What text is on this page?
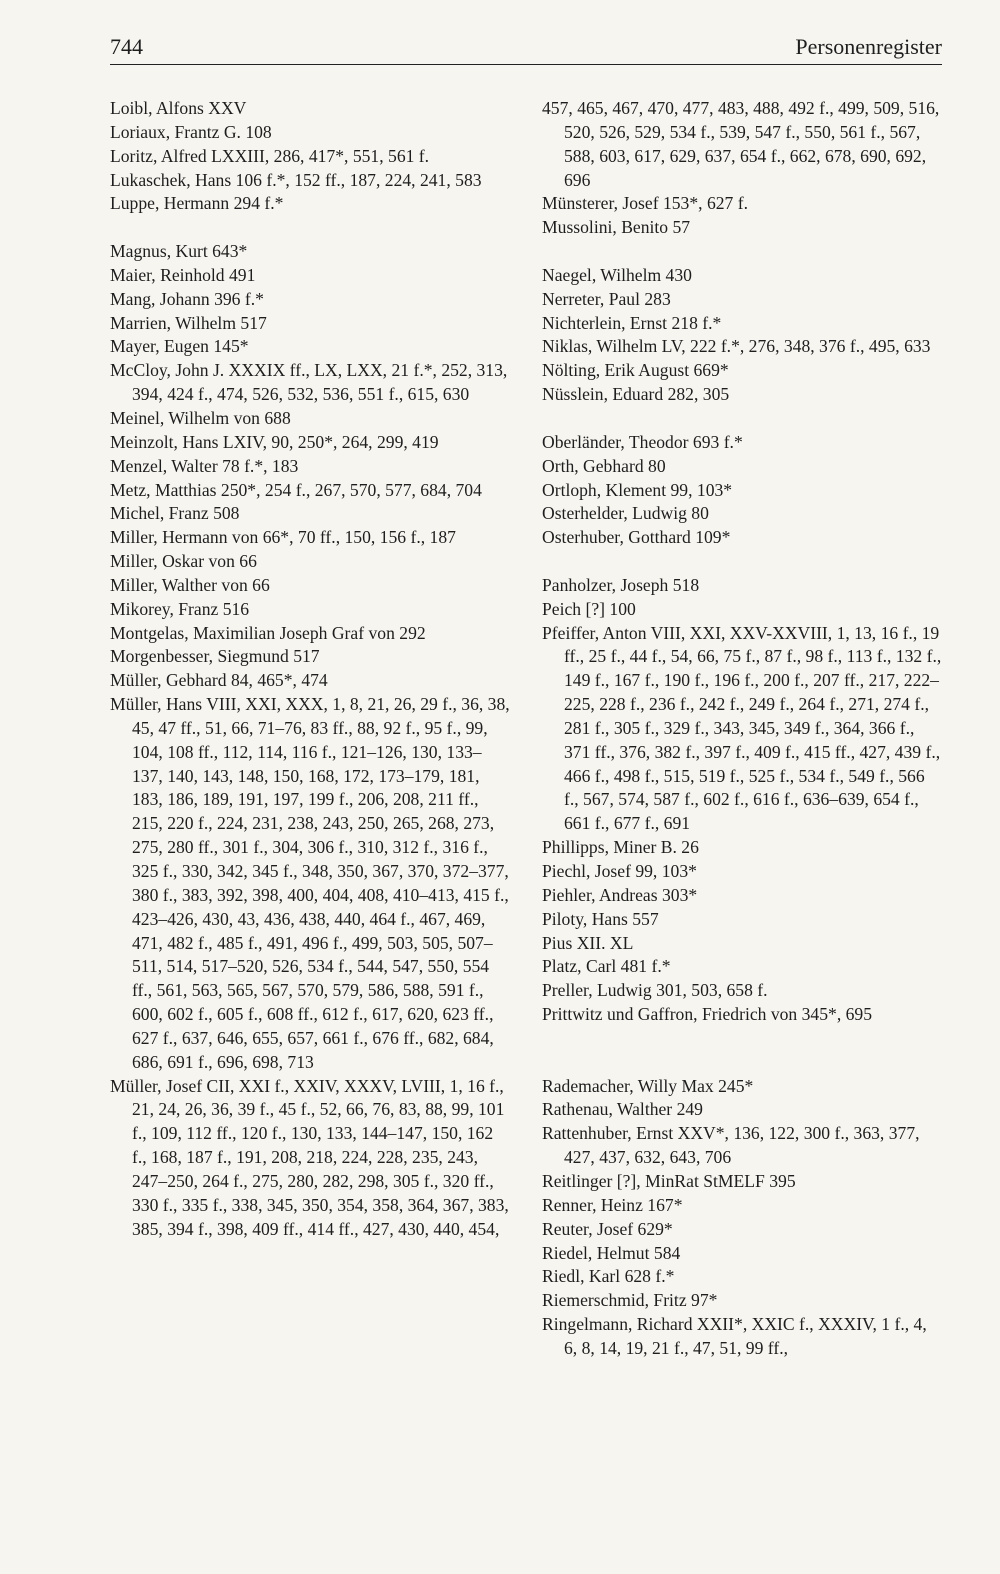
744	Personenregister
Loibl, Alfons XXV
Loriaux, Frantz G. 108
Loritz, Alfred LXXIII, 286, 417*, 551, 561 f.
Lukaschek, Hans 106 f.*, 152 ff., 187, 224, 241, 583
Luppe, Hermann 294 f.*
Magnus, Kurt 643*
Maier, Reinhold 491
Mang, Johann 396 f.*
Marrien, Wilhelm 517
Mayer, Eugen 145*
McCloy, John J. XXXIX ff., LX, LXX, 21 f.*, 252, 313, 394, 424 f., 474, 526, 532, 536, 551 f., 615, 630
Meinel, Wilhelm von 688
Meinzolt, Hans LXIV, 90, 250*, 264, 299, 419
Menzel, Walter 78 f.*, 183
Metz, Matthias 250*, 254 f., 267, 570, 577, 684, 704
Michel, Franz 508
Miller, Hermann von 66*, 70 ff., 150, 156 f., 187
Miller, Oskar von 66
Miller, Walther von 66
Mikorey, Franz 516
Montgelas, Maximilian Joseph Graf von 292
Morgenbesser, Siegmund 517
Müller, Gebhard 84, 465*, 474
Müller, Hans VIII, XXI, XXX, 1, 8, 21, 26, 29 f., 36, 38, 45, 47 ff., 51, 66, 71–76, 83 ff., 88, 92 f., 95 f., 99, 104, 108 ff., 112, 114, 116 f., 121–126, 130, 133–137, 140, 143, 148, 150, 168, 172, 173–179, 181, 183, 186, 189, 191, 197, 199 f., 206, 208, 211 ff., 215, 220 f., 224, 231, 238, 243, 250, 265, 268, 273, 275, 280 ff., 301 f., 304, 306 f., 310, 312 f., 316 f., 325 f., 330, 342, 345 f., 348, 350, 367, 370, 372–377, 380 f., 383, 392, 398, 400, 404, 408, 410–413, 415 f., 423–426, 430, 43, 436, 438, 440, 464 f., 467, 469, 471, 482 f., 485 f., 491, 496 f., 499, 503, 505, 507–511, 514, 517–520, 526, 534 f., 544, 547, 550, 554 ff., 561, 563, 565, 567, 570, 579, 586, 588, 591 f., 600, 602 f., 605 f., 608 ff., 612 f., 617, 620, 623 ff., 627 f., 637, 646, 655, 657, 661 f., 676 ff., 682, 684, 686, 691 f., 696, 698, 713
Müller, Josef CII, XXI f., XXIV, XXXV, LVIII, 1, 16 f., 21, 24, 26, 36, 39 f., 45 f., 52, 66, 76, 83, 88, 99, 101 f., 109, 112 ff., 120 f., 130, 133, 144–147, 150, 162 f., 168, 187 f., 191, 208, 218, 224, 228, 235, 243, 247–250, 264 f., 275, 280, 282, 298, 305 f., 320 ff., 330 f., 335 f., 338, 345, 350, 354, 358, 364, 367, 383, 385, 394 f., 398, 409 ff., 414 ff., 427, 430, 440, 454,
457, 465, 467, 470, 477, 483, 488, 492 f., 499, 509, 516, 520, 526, 529, 534 f., 539, 547 f., 550, 561 f., 567, 588, 603, 617, 629, 637, 654 f., 662, 678, 690, 692, 696
Münsterer, Josef 153*, 627 f.
Mussolini, Benito 57
Naegel, Wilhelm 430
Nerreter, Paul 283
Nichterlein, Ernst 218 f.*
Niklas, Wilhelm LV, 222 f.*, 276, 348, 376 f., 495, 633
Nölting, Erik August 669*
Nüsslein, Eduard 282, 305
Oberländer, Theodor 693 f.*
Orth, Gebhard 80
Ortloph, Klement 99, 103*
Osterhelder, Ludwig 80
Osterhuber, Gotthard 109*
Panholzer, Joseph 518
Peich [?] 100
Pfeiffer, Anton VIII, XXI, XXV-XXVIII, 1, 13, 16 f., 19 ff., 25 f., 44 f., 54, 66, 75 f., 87 f., 98 f., 113 f., 132 f., 149 f., 167 f., 190 f., 196 f., 200 f., 207 ff., 217, 222–225, 228 f., 236 f., 242 f., 249 f., 264 f., 271, 274 f., 281 f., 305 f., 329 f., 343, 345, 349 f., 364, 366 f., 371 ff., 376, 382 f., 397 f., 409 f., 415 ff., 427, 439 f., 466 f., 498 f., 515, 519 f., 525 f., 534 f., 549 f., 566 f., 567, 574, 587 f., 602 f., 616 f., 636–639, 654 f., 661 f., 677 f., 691
Phillipps, Miner B. 26
Piechl, Josef 99, 103*
Piehler, Andreas 303*
Piloty, Hans 557
Pius XII. XL
Platz, Carl 481 f.*
Preller, Ludwig 301, 503, 658 f.
Prittwitz und Gaffron, Friedrich von 345*, 695
Rademacher, Willy Max 245*
Rathenau, Walther 249
Rattenhuber, Ernst XXV*, 136, 122, 300 f., 363, 377, 427, 437, 632, 643, 706
Reitlinger [?], MinRat StMELF 395
Renner, Heinz 167*
Reuter, Josef 629*
Riedel, Helmut 584
Riedl, Karl 628 f.*
Riemerschmid, Fritz 97*
Ringelmann, Richard XXII*, XXIC f., XXXIV, 1 f., 4, 6, 8, 14, 19, 21 f., 47, 51, 99 ff.,
